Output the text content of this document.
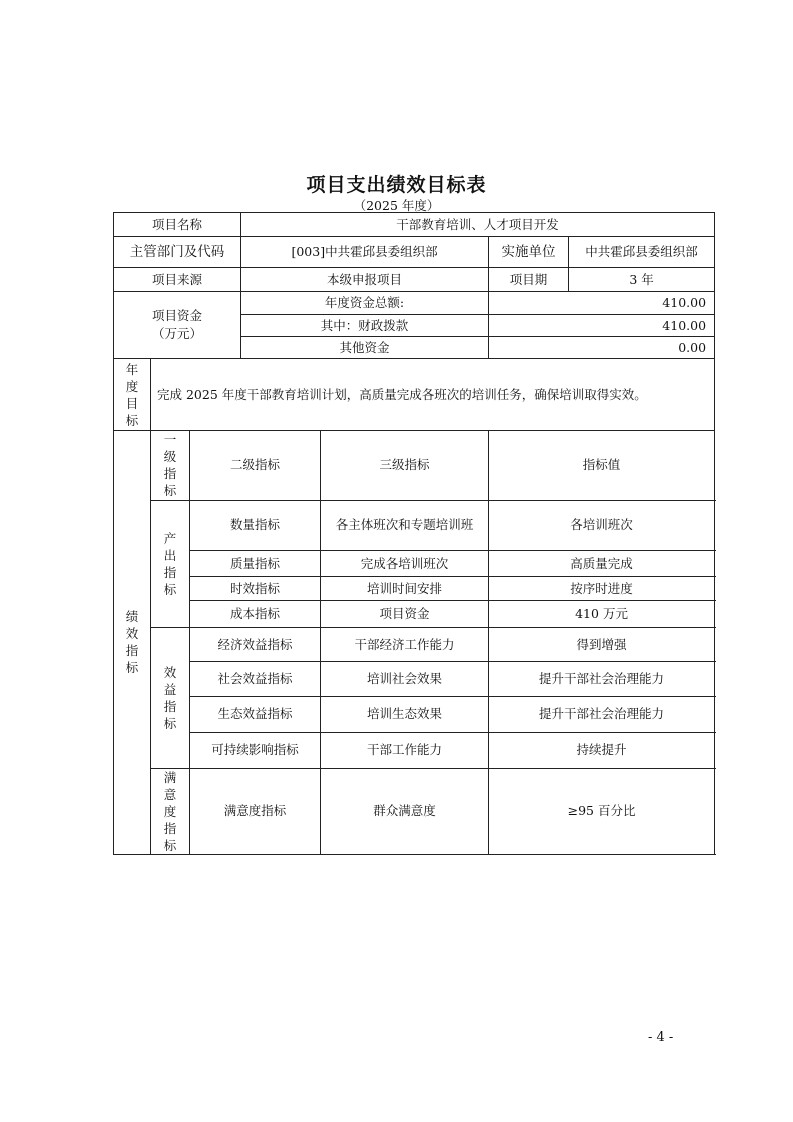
项目支出绩效目标表
（2025 年度）
项目名称			干部教育培训、人才项目开发			
主管部门及代码			[003]中共霍邱县委组织部		实施单位	中共霍邱县委组织部
项目来源			本级申报项目		项目期	3 年

项目资金（万元）			年度资金总额:		410.00	
			其中：财政拨款		410.00	
			其他资金		0.00	

年度目标	完成 2025 年度干部教育培训计划，高质量完成各班次的培训任务，确保培训取得实效。					

绩效指标	一级指标	二级指标		三级指标	指标值	

	产出指标	数量指标		各主体班次和专题培训班	各培训班次	
		质量指标		完成各培训班次	高质量完成	
		时效指标		培训时间安排	按序时进度	
		成本指标		项目资金	410 万元	

	效益指标	经济效益指标		干部经济工作能力	得到增强	
		社会效益指标		培训社会效果	提升干部社会治理能力	
		生态效益指标		培训生态效果	提升干部社会治理能力	
		可持续影响指标		干部工作能力	持续提升	

	满意度指标	满意度指标		群众满意度	≥95 百分比	
- 4 -
